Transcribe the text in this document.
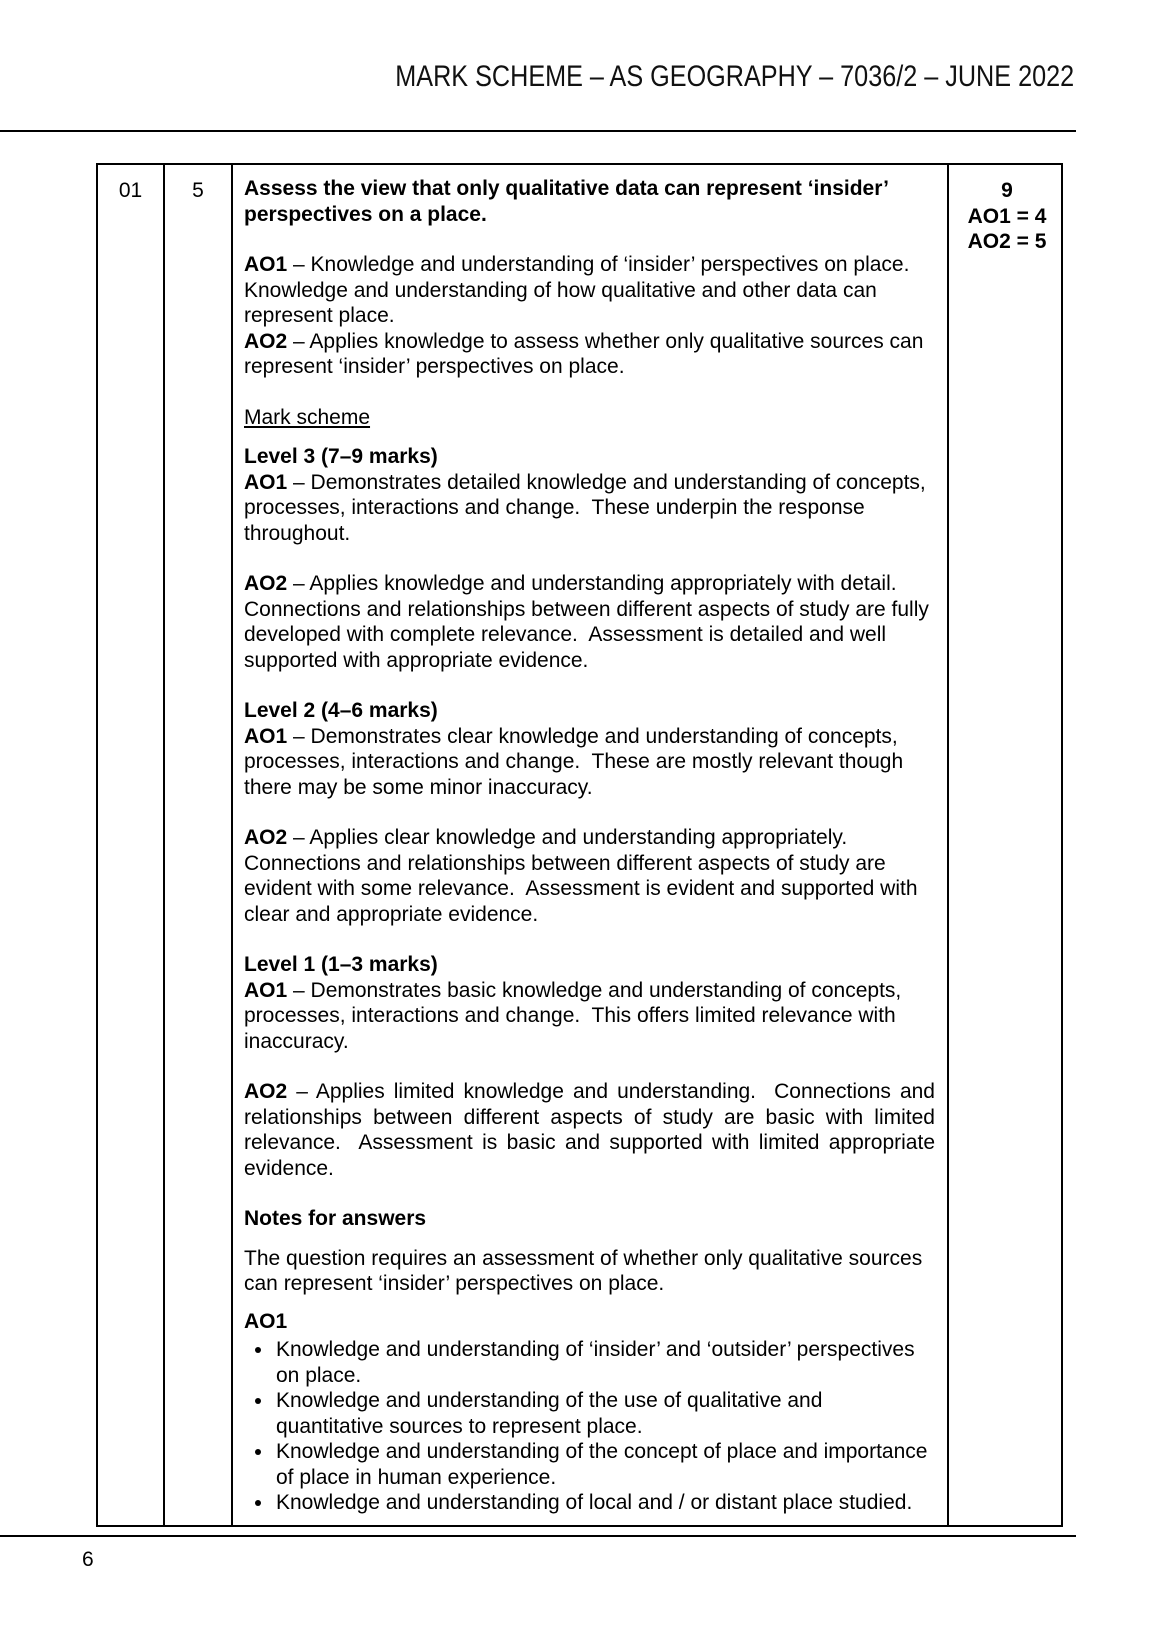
MARK SCHEME – AS GEOGRAPHY – 7036/2 – JUNE 2022
01	5	Assess the view that only qualitative data can represent ‘insider’ perspectives on a place.

AO1 – Knowledge and understanding of ‘insider’ perspectives on place. Knowledge and understanding of how qualitative and other data can represent place.

AO2 – Applies knowledge to assess whether only qualitative sources can represent ‘insider’ perspectives on place.

Mark scheme

Level 3 (7–9 marks)

AO1 – Demonstrates detailed knowledge and understanding of concepts, processes, interactions and change.  These underpin the response throughout.

AO2 – Applies knowledge and understanding appropriately with detail. Connections and relationships between different aspects of study are fully developed with complete relevance.  Assessment is detailed and well supported with appropriate evidence.

Level 2 (4–6 marks)

AO1 – Demonstrates clear knowledge and understanding of concepts, processes, interactions and change.  These are mostly relevant though there may be some minor inaccuracy.

AO2 – Applies clear knowledge and understanding appropriately. Connections and relationships between different aspects of study are evident with some relevance.  Assessment is evident and supported with clear and appropriate evidence.

Level 1 (1–3 marks)

AO1 – Demonstrates basic knowledge and understanding of concepts, processes, interactions and change.  This offers limited relevance with inaccuracy.

AO2 – Applies limited knowledge and understanding.  Connections and relationships between different aspects of study are basic with limited relevance.  Assessment is basic and supported with limited appropriate evidence.

Notes for answers

The question requires an assessment of whether only qualitative sources can represent ‘insider’ perspectives on place.

AO1

• Knowledge and understanding of ‘insider’ and ‘outsider’ perspectives on place.
• Knowledge and understanding of the use of qualitative and quantitative sources to represent place.
• Knowledge and understanding of the concept of place and importance of place in human experience.
• Knowledge and understanding of local and / or distant place studied.
9
AO1 = 4
AO2 = 5
6
